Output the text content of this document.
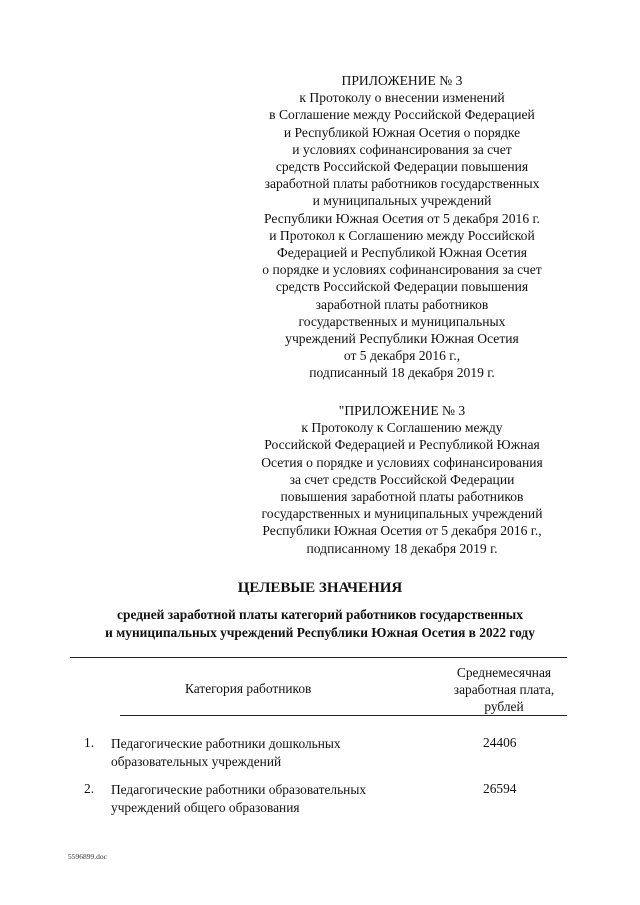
ПРИЛОЖЕНИЕ № 3
к Протоколу о внесении изменений
в Соглашение между Российской Федерацией
и Республикой Южная Осетия о порядке
и условиях софинансирования за счет
средств Российской Федерации повышения
заработной платы работников государственных
и муниципальных учреждений
Республики Южная Осетия от 5 декабря 2016 г.
и Протокол к Соглашению между Российской
Федерацией и Республикой Южная Осетия
о порядке и условиях софинансирования за счет
средств Российской Федерации повышения
заработной платы работников
государственных и муниципальных
учреждений Республики Южная Осетия
от 5 декабря 2016 г.,
подписанный 18 декабря 2019 г.
"ПРИЛОЖЕНИЕ № 3
к Протоколу к Соглашению между
Российской Федерацией и Республикой Южная
Осетия о порядке и условиях софинансирования
за счет средств Российской Федерации
повышения заработной платы работников
государственных и муниципальных учреждений
Республики Южная Осетия от 5 декабря 2016 г.,
подписанному 18 декабря 2019 г.
ЦЕЛЕВЫЕ ЗНАЧЕНИЯ
средней заработной платы категорий работников государственных
и муниципальных учреждений Республики Южная Осетия в 2022 году
Категория работников
Среднемесячная
заработная плата,
рублей
1. Педагогические работники дошкольных
образовательных учреждений
24406
2. Педагогические работники образовательных
учреждений общего образования
26594
5596899.doc
